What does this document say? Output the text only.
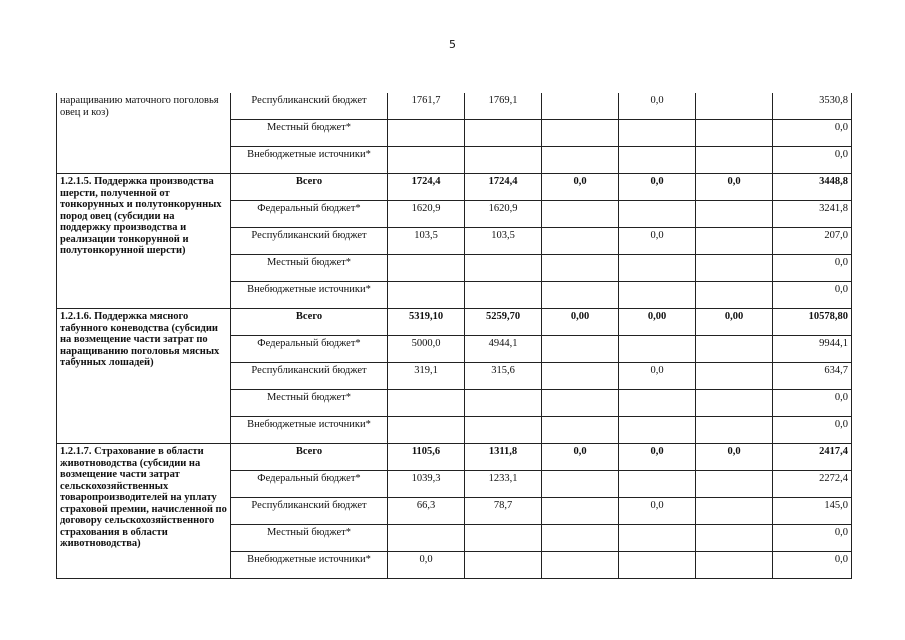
5
наращиванию маточного поголовья овец и коз)	Республиканский бюджет	1761,7	1769,1		0,0		3530,8
	Местный бюджет*						0,0
	Внебюджетные источники*						0,0
1.2.1.5. Поддержка производства шерсти, полученной от тонкорунных и полутонкорунных пород овец (субсидии на поддержку производства и реализации тонкорунной и полутонкорунной шерсти)	Всего	1724,4	1724,4	0,0	0,0	0,0	3448,8
	Федеральный бюджет*	1620,9	1620,9				3241,8
	Республиканский бюджет	103,5	103,5		0,0		207,0
	Местный бюджет*						0,0
	Внебюджетные источники*						0,0
1.2.1.6. Поддержка мясного табунного коневодства (субсидии на возмещение части затрат по наращиванию поголовья мясных табунных лошадей)	Всего	5319,10	5259,70	0,00	0,00	0,00	10578,80
	Федеральный бюджет*	5000,0	4944,1				9944,1
	Республиканский бюджет	319,1	315,6		0,0		634,7
	Местный бюджет*						0,0
	Внебюджетные источники*						0,0
1.2.1.7. Страхование в области животноводства (субсидии на возмещение части затрат сельскохозяйственных товаропроизводителей на уплату страховой премии, начисленной по договору сельскохозяйственного страхования в области животноводства)	Всего	1105,6	1311,8	0,0	0,0	0,0	2417,4
	Федеральный бюджет*	1039,3	1233,1				2272,4
	Республиканский бюджет	66,3	78,7		0,0		145,0
	Местный бюджет*						0,0
	Внебюджетные источники*	0,0					0,0
